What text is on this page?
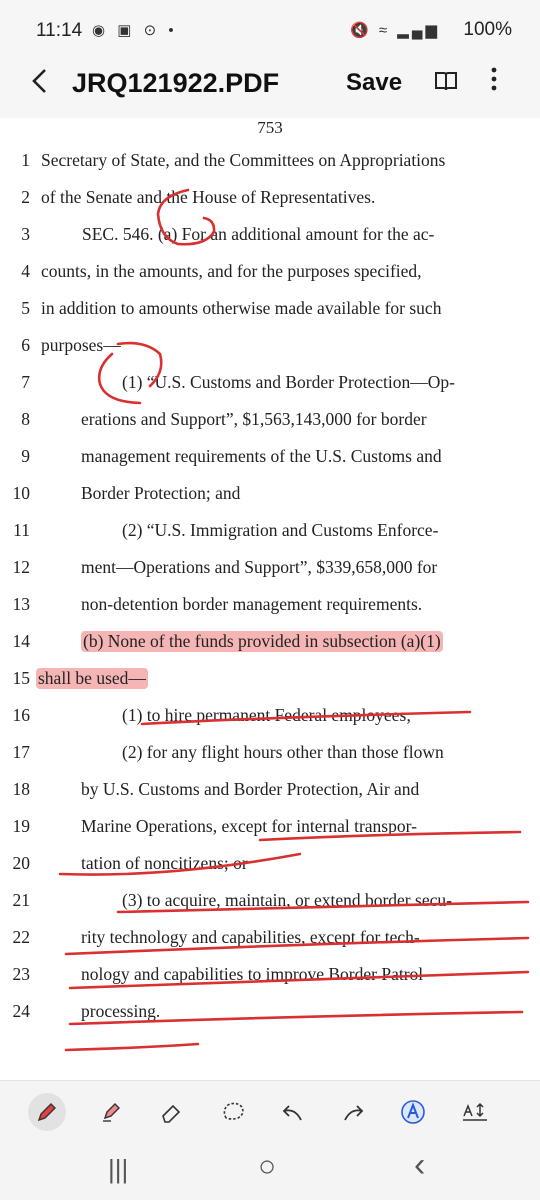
11:14 ◉ ▣ ⊙ •	🔇 ≈ ▂▄▆ 100%
JRQ121922.PDF	Save
753
1 Secretary of State, and the Committees on Appropriations
2 of the Senate and the House of Representatives.
3	SEC. 546. (a) For an additional amount for the ac-
4 counts, in the amounts, and for the purposes specified,
5 in addition to amounts otherwise made available for such
6 purposes—
7	(1) “U.S. Customs and Border Protection—Op-
8	erations and Support”, $1,563,143,000 for border
9	management requirements of the U.S. Customs and
10	Border Protection; and
11	(2) “U.S. Immigration and Customs Enforce-
12	ment—Operations and Support”, $339,658,000 for
13	non-detention border management requirements.
14	(b) None of the funds provided in subsection (a)(1)
15 shall be used—
16	(1) to hire permanent Federal employees;
17	(2) for any flight hours other than those flown
18	by U.S. Customs and Border Protection, Air and
19	Marine Operations, except for internal transpor-
20	tation of noncitizens; or
21	(3) to acquire, maintain, or extend border secu-
22	rity technology and capabilities, except for tech-
23	nology and capabilities to improve Border Patrol
24	processing.
|||	○	‹
